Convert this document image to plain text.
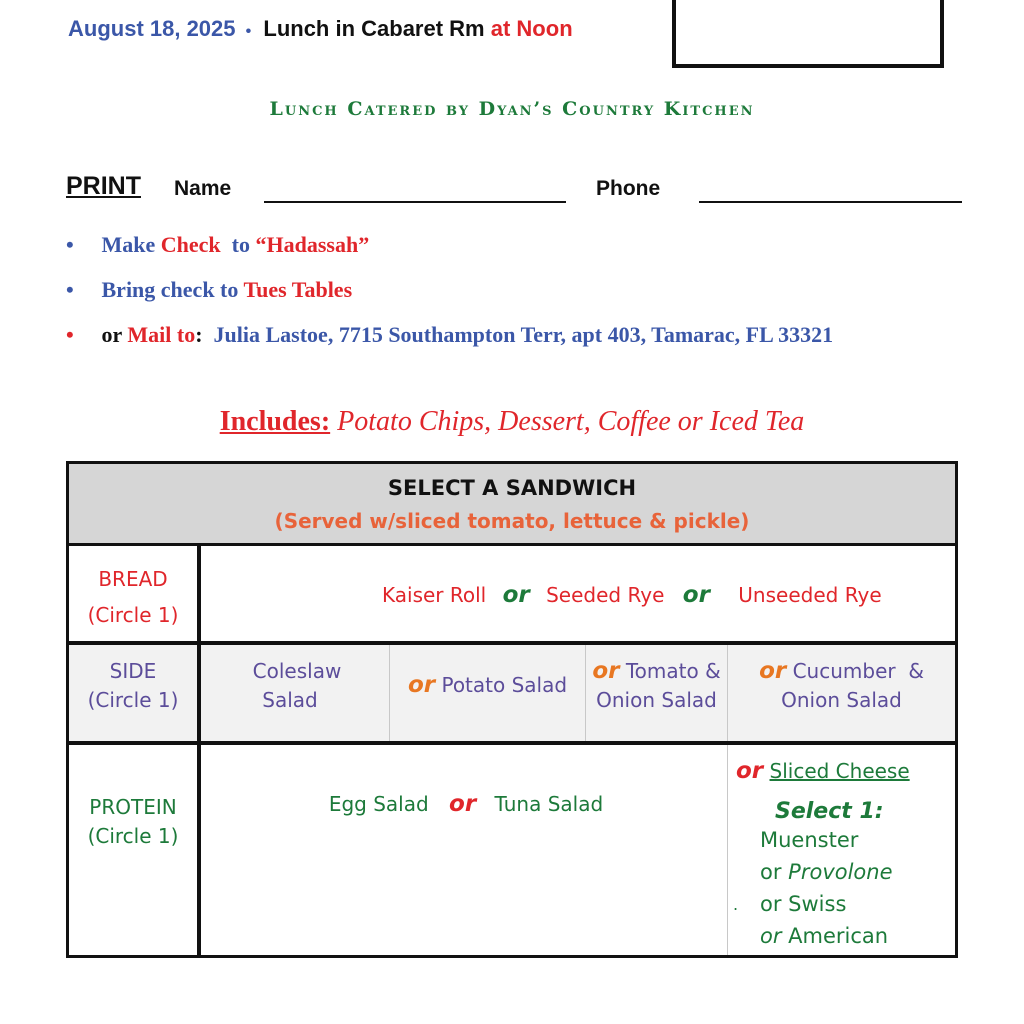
August 18, 2025 • Lunch in Cabaret Rm at Noon
Lunch Catered by Dyan’s Country Kitchen
PRINT Name	Phone
• Make Check  to “Hadassah”
• Bring check to Tues Tables
• or Mail to:  Julia Lastoe, 7715 Southampton Terr, apt 403, Tamarac, FL 33321
Includes: Potato Chips, Dessert, Coffee or Iced Tea
SELECT A SANDWICH
(Served w/sliced tomato, lettuce & pickle)
BREAD
(Circle 1)
Kaiser Roll or Seeded Rye or Unseeded Rye
SIDE
(Circle 1)
Coleslaw
Salad
or Potato Salad
or Tomato &
Onion Salad
or Cucumber  &
Onion Salad
PROTEIN
(Circle 1)
Egg Salad or Tuna Salad
or Sliced Cheese
Select 1:
Muenster
or Provolone
. or Swiss
or American
